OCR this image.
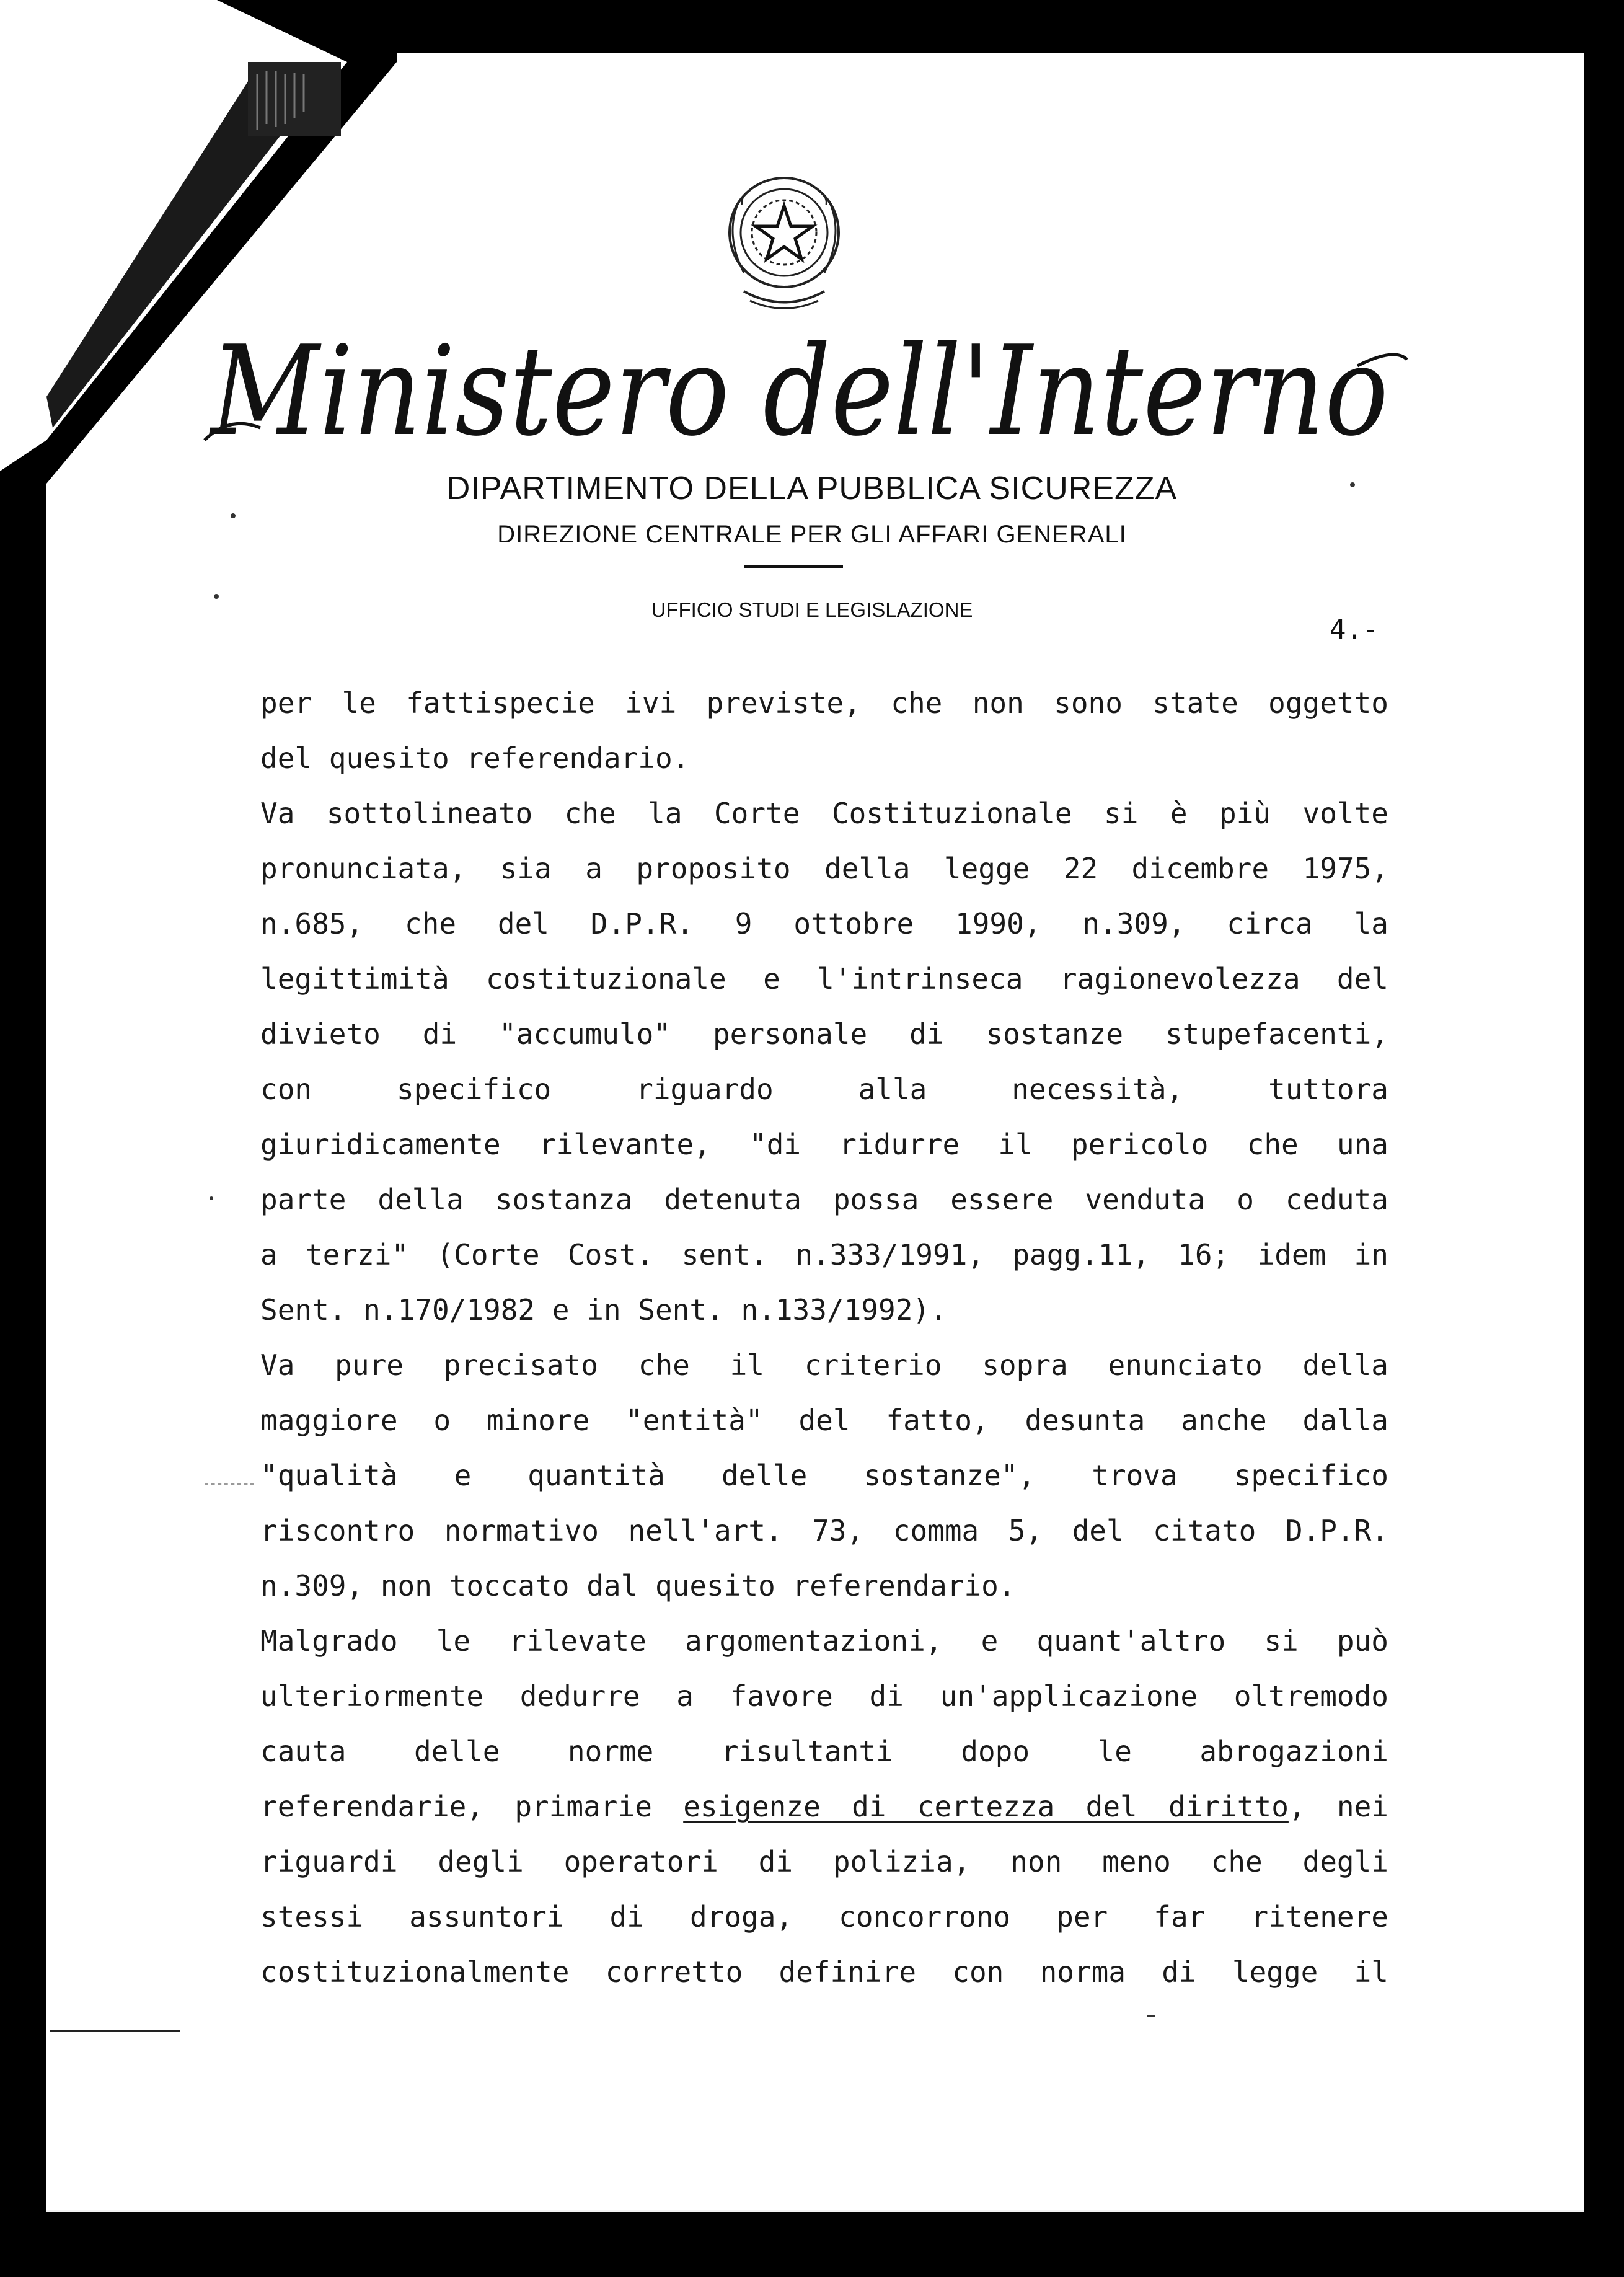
Ministero dell'Interno
DIPARTIMENTO DELLA PUBBLICA SICUREZZA
DIREZIONE CENTRALE PER GLI AFFARI GENERALI
UFFICIO STUDI E LEGISLAZIONE
4.-
per le fattispecie ivi previste, che non sono state oggetto
del quesito referendario.
Va sottolineato che la Corte Costituzionale si è più volte
pronunciata, sia a proposito della legge 22 dicembre 1975,
n.685, che del D.P.R. 9 ottobre 1990, n.309, circa la
legittimità costituzionale e l'intrinseca ragionevolezza del
divieto di "accumulo" personale di sostanze stupefacenti,
con specifico riguardo alla necessità, tuttora
giuridicamente rilevante, "di ridurre il pericolo che una
parte della sostanza detenuta possa essere venduta o ceduta
a terzi" (Corte Cost. sent. n.333/1991, pagg.11, 16; idem in
Sent. n.170/1982 e in Sent. n.133/1992).
Va pure precisato che il criterio sopra enunciato della
maggiore o minore "entità" del fatto, desunta anche dalla
"qualità e quantità delle sostanze", trova specifico
riscontro normativo nell'art. 73, comma 5, del citato D.P.R.
n.309, non toccato dal quesito referendario.
Malgrado le rilevate argomentazioni, e quant'altro si può
ulteriormente dedurre a favore di un'applicazione oltremodo
cauta delle norme risultanti dopo le abrogazioni
referendarie, primarie esigenze di certezza del diritto, nei
riguardi degli operatori di polizia, non meno che degli
stessi assuntori di droga, concorrono per far ritenere
costituzionalmente corretto definire con norma di legge il
